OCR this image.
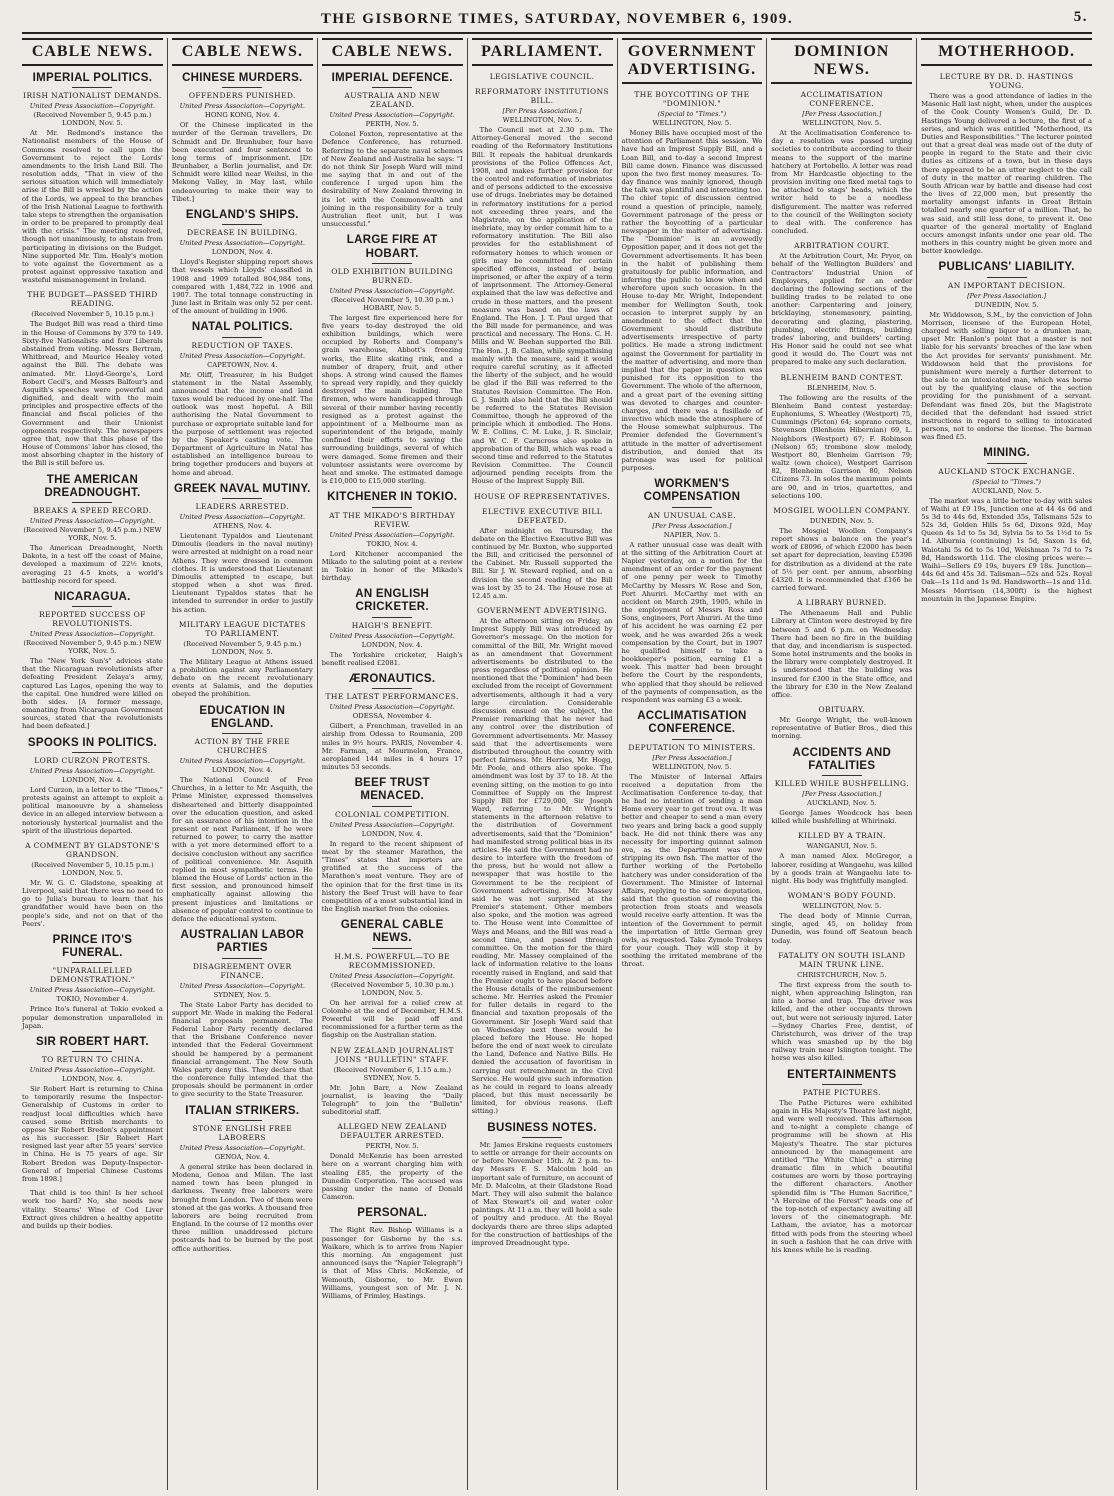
THE GISBORNE TIMES, SATURDAY, NOVEMBER 6, 1909.	5.
CABLE NEWS.
IMPERIAL POLITICS.
IRISH NATIONALIST DEMANDS.
United Press Association—Copyright.
(Received November 5, 9.45 p.m.) LONDON, Nov. 5.
At Mr. Redmond's instance the Nationalist members of the House of Commons resolved to call upon the Government to reject the Lords' amendments to the Irish Land Bill. The resolution adds, "That in view of the serious situation which will immediately arise if the Bill is wrecked by the action of the Lords, we appeal to the branches of the Irish National League to forthwith take steps to strengthen the organisation in order to be prepared to promptly deal with the crisis." The meeting resolved, though not unanimously, to abstain from participating in divisions on the Budget. Nine supported Mr. Tim. Healy's motion to vote against the Government as a protest against oppressive taxation and wasteful mismanagement in Ireland.
THE BUDGET—PASSED THIRD READING.
(Received November 5, 10.15 p.m.)
The Budget Bill was read a third time in the House of Commons by 379 to 149. Sixty-five Nationalists and four Liberals abstained from voting. Messrs Bertram, Whitbread, and Maurice Healey voted against the Bill. The debate was animated. Mr. Lloyd-George's, Lord Robert Cecil's, and Messrs Balfour's and Asquith's speeches were powerful and dignified, and dealt with the main principles and prospective effects of the financial and fiscal policies of the Government and their Unionist opponents respectively. The newspapers agree that, now that this phase of the House of Commons' labor has closed, the most absorbing chapter in the history of the Bill is still before us.
THE AMERICAN DREADNOUGHT.
BREAKS A SPEED RECORD.
United Press Association—Copyright.
(Received November 5, 9.45 p.m.) NEW YORK, Nov. 5.
The American Dreadnought, North Dakota, in a test off the coast of Maine, developed a maximum of 22½ knots, averaging 21 4-5 knots, a world's battleship record for speed.
NICARAGUA.
REPORTED SUCCESS OF REVOLUTIONISTS.
United Press Association—Copyright.
(Received November 5, 9.45 p.m.) NEW YORK, Nov. 5.
The "New York Sun's" advices state that the Nicaraguan revolutionists after defeating President Zelaya's army, captured Las Lagos, opening the way to the capital. One hundred were killed on both sides. [A former message, emanating from Nicaraguan Government sources, stated that the revolutionists had been defeated.]
SPOOKS IN POLITICS.
LORD CURZON PROTESTS.
United Press Association—Copyright.
LONDON, Nov. 4.
Lord Curzon, in a letter to the "Times," protests against an attempt to exploit a political manoeuvre by a shameless device in an alleged interview between a notoriously hysterical journalist and the spirit of the illustrious departed.
A COMMENT BY GLADSTONE'S GRANDSON.
(Received November 5, 10.15 p.m.) LONDON, Nov. 5.
Mr. W. G. C. Gladstone, speaking at Liverpool, said that there was no need to go to Julia's bureau to learn that his grandfather would have been on the people's side, and not on that of the Peers'.
PRINCE ITO'S FUNERAL.
"UNPARALLELLED DEMONSTRATION."
United Press Association—Copyright.
TOKIO, November 4.
Prince Ito's funeral at Tokio evoked a popular demonstration unparalleled in Japan.
SIR ROBERT HART.
TO RETURN TO CHINA.
United Press Association—Copyright.
LONDON, Nov. 4.
Sir Robert Hart is returning to China to temporarily resume the Inspector-Generalship of Customs in order to readjust local difficulties which have caused some British merchants to oppose Sir Robert Bredon's appointment as his successor. [Sir Robert Hart resigned last year after 55 years' service in China. He is 75 years of age. Sir Robert Bredon was Deputy-Inspector-General of Imperial Chinese Customs from 1898.]
That child is too thin! Is her school work too hard? No, she needs new vitality. Stearns' Wine of Cod Liver Extract gives children a healthy appetite and builds up their bodies.
CABLE NEWS.
CHINESE MURDERS.
OFFENDERS PUNISHED.
United Press Association—Copyright.
HONG KONG, Nov. 4.
Of the Chinese implicated in the murder of the German travellers, Dr. Schmidt and Dr. Brunhuber, four have been executed and four sentenced to long terms of imprisonment. [Dr. Brunhaber, a Berlin journalist, and Dr. Schmidt were killed near Weihsi, in the Mekong Valley, in May last, while endeavouring to make their way to Tibet.]
ENGLAND'S SHIPS.
DECREASE IN BUILDING.
United Press Association—Copyright.
LONDON, Nov. 4.
Lloyd's Register shipping report shows that vessels which Lloyds' classified in 1908 and 1909 totalled 804,984 tons, compared with 1,484,722 in 1906 and 1907. The total tonnage constructing in June last in Britain was only 52 per cent. of the amount of building in 1906.
NATAL POLITICS.
REDUCTION OF TAXES.
United Press Association—Copyright.
CAPETOWN, Nov. 4.
Mr. Oliff, Treasurer, in his Budget statement in the Natal Assembly, announced that the income and land taxes would be reduced by one-half. The outlook was most hopeful. A Bill authorising the Natal Government to purchase or expropriate suitable land for the purpose of settlement was rejected by the Speaker's casting vote. The Department of Agriculture in Natal has established an intelligence bureau to bring together producers and buyers at home and abroad.
GREEK NAVAL MUTINY.
LEADERS ARRESTED.
United Press Association—Copyright.
ATHENS, Nov. 4.
Lieutenant Typaldos and Lieutenant Dimoulis (leaders in the naval mutiny) were arrested at midnight on a road near Athens. They were dressed in common clothes. It is understood that Lieutenant Dimoulis attempted to escape, but stopped when a shot was fired. Lieutenant Typaldos states that he intended to surrender in order to justify his action.
MILITARY LEAGUE DICTATES TO PARLIAMENT.
(Received November 5, 9.45 p.m.) LONDON, Nov. 5.
The Military League at Athens issued a prohibition against any Parliamentary debate on the recent revolutionary events at Salamis, and the deputies obeyed the prohibition.
EDUCATION IN ENGLAND.
ACTION BY THE FREE CHURCHES
United Press Association—Copyright.
LONDON, Nov. 4.
The National Council of Free Churches, in a letter to Mr. Asquith, the Prime Minister, expressed themselves disheartened and bitterly disappointed over the education question, and asked for an assurance of his intention in the present or next Parliament, if he were returned to power, to carry the matter with a yet more determined effort to a decisive conclusion without any sacrifice of political convenience. Mr. Asquith replied in most sympathetic terms. He blamed the House of Lords' action in the first session, and pronounced himself emphatically against allowing the present injustices and limitations or absence of popular control to continue to deface the educational system.
AUSTRALIAN LABOR PARTIES
DISAGREEMENT OVER FINANCE.
United Press Association—Copyright.
SYDNEY, Nov. 5.
The State Labor Party has decided to support Mr. Wade in making the Federal financial proposals permanent. The Federal Labor Party recently declared that the Brisbane Conference never intended that the Federal Government should be hampered by a permanent financial arrangement. The New South Wales party deny this. They declare that the conference fully intended that the proposals should be permanent in order to give security to the State Treasurer.
ITALIAN STRIKERS.
STONE ENGLISH FREE LABORERS
United Press Association—Copyright.
GENOA, Nov. 4.
A general strike has been declared in Modena, Genoa and Milan. The last named town has been plunged in darkness. Twenty free laborers were brought from London. Two of them were stoned at the gas works. A thousand free laborers are being recruited from England. In the course of 12 months over three million unaddressed picture postcards had to be burned by the post office authorities.
CABLE NEWS.
IMPERIAL DEFENCE.
AUSTRALIA AND NEW ZEALAND.
United Press Association—Copyright.
PERTH, Nov. 5.
Colonel Foxton, representative at the Defence Conference, has returned. Referring to the separate naval schemes of New Zealand and Australia he says: "I do not think Sir Joseph Ward will mind me saying that in and out of the conference I urged upon him the desirability of New Zealand throwing in its lot with the Commonwealth and joining in the responsibility for a truly Australian fleet unit, but I was unsuccessful."
LARGE FIRE AT HOBART.
OLD EXHIBITION BUILDING BURNED.
United Press Association—Copyright.
(Received November 5, 10.30 p.m.) HOBART, Nov. 5.
The largest fire experienced here for five years to-day destroyed the old exhibition buildings, which were occupied by Roberts and Company's grain warehouse, Abbott's freezing works, the Elite skating rink, and a number of drapery, fruit, and other shops. A strong wind caused the flames to spread very rapidly, and they quickly destroyed the main building. The firemen, who were handicapped through several of their number having recently resigned as a protest against the appointment of a Melbourne man as superintendent of the brigade, mainly confined their efforts to saving the surrounding buildings, several of which were damaged. Some firemen and their volunteer assistants were overcome by heat and smoke. The estimated damage is £10,000 to £15,000 sterling.
KITCHENER IN TOKIO.
AT THE MIKADO'S BIRTHDAY REVIEW.
United Press Association—Copyright.
TOKIO, Nov. 4.
Lord Kitchener accompanied the Mikado to the saluting point at a review in Tokio in honor of the Mikado's birthday.
AN ENGLISH CRICKETER.
HAIGH'S BENEFIT.
United Press Association—Copyright.
LONDON, Nov. 4.
The Yorkshire cricketer, Haigh's benefit realised £2081.
ÆRONAUTICS.
THE LATEST PERFORMANCES.
United Press Association—Copyright.
ODESSA, November 4.
Gilbert, a Frenchman, travelled in an airship from Odessa to Roumania, 200 miles in 9½ hours. PARIS, November 4. Mr. Farman, at Mourmelon, France, aeroplaned 144 miles in 4 hours 17 minutes 53 seconds.
BEEF TRUST MENACED.
COLONIAL COMPETITION.
United Press Association—Copyright.
LONDON, Nov. 4.
In regard to the recent shipment of meat by the steamer Marathon, the "Times" states that importers are gratified at the success of the Marathon's meat venture. They are of the opinion that for the first time in its history the Beef Trust will have to fear competition of a most substantial kind in the English market from the colonies.
GENERAL CABLE NEWS.
H.M.S. POWERFUL—TO BE RECOMMISSIONED.
United Press Association—Copyright.
(Received November 5, 10.30 p.m.) LONDON, Nov. 5.
On her arrival for a relief crew at Colombo at the end of December, H.M.S. Powerful will be paid off and recommissioned for a further term as the flagship on the Australian station.
NEW ZEALAND JOURNALIST JOINS "BULLETIN" STAFF.
(Received November 6, 1.15 a.m.) SYDNEY, Nov. 5.
Mr. John Barr, a New Zealand journalist, is leaving the "Daily Telegraph" to join the "Bulletin" subeditorial staff.
ALLEGED NEW ZEALAND DEFAULTER ARRESTED.
PERTH, Nov. 5.
Donald McKenzie has been arrested here on a warrant charging him with stealing £85, the property of the Dunedin Corporation. The accused was passing under the name of Donald Cameron.
PERSONAL.
The Right Rev. Bishop Williams is a passenger for Gisborne by the s.s. Waikare, which is to arrive from Napier this morning. An engagement just announced (says the "Napier Telegraph") is that of Miss Chris. McKenzie, of Wemouth, Gisborne, to Mr. Ewen Williams, youngest son of Mr. J. N. Williams, of Frimley, Hastings.
PARLIAMENT.
LEGISLATIVE COUNCIL.
REFORMATORY INSTITUTIONS BILL.
[Per Press Association.]
WELLINGTON, Nov. 5.
The Council met at 2.30 p.m. The Attorney-General moved the second reading of the Reformatory Institutions Bill. It repeals the habitual drunkards provisions of the Police Offences Act, 1908, and makes further provision for the control and reformation of inebriates and of persons addicted to the excessive use of drugs. Inebriates may be detained in reformatory institutions for a period not exceeding three years, and the Magistrate, on the application of the inebriate, may by order commit him to a reformatory institution. The Bill also provides for the establishment of reformatory homes to which women or girls may be committed for certain specified offences, instead of being imprisoned, or after the expiry of a term of imprisonment. The Attorney-General explained that the law was defective and crude in these matters, and the present measure was based on the laws of England. The Hon. J. T. Paul urged that the Bill made for permanence, and was practical and necessary. The Hons. C. H. Mills and W. Beehan supported the Bill. The Hon. J. B. Callan, while sympathising mainly with the measure, said it would require careful scrutiny, as it affected the liberty of the subject, and he would be glad if the Bill was referred to the Statutes Revision Committee. The Hon. G. J. Smith also held that the Bill should be referred to the Statutes Revision Committee, though he approved of the principle which it embodied. The Hons. W. E. Collins, C. M. Luke, J. R. Sinclair, and W. C. F. Carncross also spoke in approbation of the Bill, which was read a second time and referred to the Statutes Revision Committee. The Council adjourned pending receipts from the House of the Imprest Supply Bill.
HOUSE OF REPRESENTATIVES.
ELECTIVE EXECUTIVE BILL DEFEATED.
After midnight on Thursday, the debate on the Elective Executive Bill was continued by Mr. Buxton, who supported the Bill, and criticised the personnel of the Cabinet. Mr. Russell supported the Bill. Sir J. W. Steward replied, and on a division the second reading of the Bill was lost by 35 to 24. The House rose at 12.45 a.m.
GOVERNMENT ADVERTISING.
At the afternoon sitting on Friday, an Imprest Supply Bill was introduced by Governor's message. On the motion for committal of the Bill, Mr. Wright moved as an amendment that Government advertisements be distributed to the press regardless of political opinion. He mentioned that the "Dominion" had been excluded from the receipt of Government advertisements, although it had a very large circulation. Considerable discussion ensued on the subject, the Premier remarking that he never had any control over the distribution of Government advertisements. Mr. Massey said that the advertisements were distributed throughout the country with perfect fairness. Mr. Herries, Mr. Hogg, Mr. Poole, and others also spoke. The amendment was lost by 37 to 18. At the evening sitting, on the motion to go into Committee of Supply on the Imprest Supply Bill for £729,000, Sir Joseph Ward, referring to Mr. Wright's statements in the afternoon relative to the distribution of Government advertisements, said that the "Dominion" had manifested strong political bias in its articles. He said the Government had no desire to interfere with the freedom of the press, but he would not allow a newspaper that was hostile to the Government to be the recipient of Government advertising. Mr. Massey said he was not surprised at the Premier's statement. Other members also spoke, and the motion was agreed to. The House went into Committee of Ways and Means, and the Bill was read a second time, and passed through committee. On the motion for the third reading, Mr. Massey complained of the lack of information relative to the loans recently raised in England, and said that the Premier ought to have placed before the House details of the reimbursement scheme. Mr. Herries asked the Premier for fuller details in regard to the financial and taxation proposals of the Government. Sir Joseph Ward said that on Wednesday next these would be placed before the House. He hoped before the end of next week to circulate the Land, Defence and Native Bills. He denied the accusation of favoritism in carrying out retrenchment in the Civil Service. He would give such information as he could in regard to loans already placed, but this must necessarily be limited, for obvious reasons. (Left sitting.)
BUSINESS NOTES.
Mr. James Erskine requests customers to settle or arrange for their accounts on or before November 15th. At 2 p.m. to-day Messrs F. S. Malcolm hold an important sale of furniture, on account of Mr. D. Malcolm, at their Gladstone Road Mart. They will also submit the balance of Max Stewart's oil and water color paintings. At 11 a.m. they will hold a sale of poultry and produce. At the Royal dockyards there are three slips adapted for the construction of battleships of the improved Dreadnought type.
GOVERNMENT ADVERTISING.
THE BOYCOTTING OF THE "DOMINION."
(Special to "Times.")
WELLINGTON, Nov. 5.
Money Bills have occupied most of the attention of Parliament this session. We have had an Imprest Supply Bill, and a Loan Bill, and to-day a second Imprest Bill came down. Finance was discussed upon the two first money measures. To-day finance was mainly ignored, though the talk was plentiful and interesting too. The chief topic of discussion centred round a question of principle, namely, Government patronage of the press or rather the boycotting of a particular newspaper in the matter of advertising. The "Dominion" is an avowedly Opposition paper, and it does not get the Government advertisements. It has been in the habit of publishing them gratuitously for public information, and inferring the public to know when and wherefore upon such occasion. In the House to-day Mr. Wright, Independent member for Wellington South, took occasion to interpret supply by an amendment to the effect that the Government should distribute advertisements irrespective of party politics. He made a strong indictment against the Government for partiality in the matter of advertising, and more than implied that the paper in question was punished for its opposition to the Government. The whole of the afternoon, and a great part of the evening sitting was devoted to charges and counter-charges, and there was a fusillade of invective which made the atmosphere of the House somewhat sulphurous. The Premier defended the Government's attitude in the matter of advertisement distribution, and denied that its patronage was used for political purposes.
WORKMEN'S COMPENSATION
AN UNUSUAL CASE.
[Per Press Association.]
NAPIER, Nov. 5.
A rather unusual case was dealt with at the sitting of the Arbitration Court at Napier yesterday, on a motion for the amendment of an order for the payment of one penny per week to Timothy McCarthy by Messrs W. Rose and Son, Port Ahuriri. McCarthy met with an accident on March 29th, 1905, while in the employment of Messrs Ross and Sons, engineers, Port Ahuriri. At the time of his accident he was earning £2 per week, and he was awarded 26s a week compensation by the Court, but in 1907 he qualified himself to take a bookkeeper's position, earning £1 a week. This matter had been brought before the Court by the respondents, who applied that they should be relieved of the payments of compensation, as the respondent was earning £3 a week.
ACCLIMATISATION CONFERENCE.
DEPUTATION TO MINISTERS.
[Per Press Association.]
WELLINGTON, Nov. 5.
The Minister of Internal Affairs received a deputation from the Acclimatisation Conference to-day, that he had no intention of sending a man Home every year to get trout ova. It was better and cheaper to send a man every two years and bring back a good supply back. He did not think there was any necessity for importing quinnat salmon ova, as the Department was now stripping its own fish. The matter of the further working of the Portobello hatchery was under consideration of the Government. The Minister of Internal Affairs, replying to the same deputation, said that the question of removing the protection from stoats and weasels would receive early attention. It was the intention of the Government to permit the importation of little German grey owls, as requested. Take Zymole Trokeys for your cough. They will stop it by soothing the irritated membrane of the throat.
DOMINION NEWS.
ACCLIMATISATION CONFERENCE.
[Per Press Association.]
WELLINGTON, Nov. 5.
At the Acclimatisation Conference to-day a resolution was passed urging societies to contribute according to their means to the support of the marine hatchery at Portobello. A letter was read from Mr Hardcastle objecting to the provision inviting one fixed metal tags to be attached to stags' heads, which the writer held to be a needless disfigurement. The matter was referred to the council of the Wellington society to deal with. The conference has concluded.
ARBITRATION COURT.
At the Arbitration Court, Mr. Pryor, on behalf of the Wellington Builders' and Contractors' Industrial Union of Employers, applied for an order declaring the following sections of the building trades to be related to one another: Carpentering and joinery, bricklaying, stonemasonry, painting, decorating and glazing, plastering, plumbing, electric fittings, building trades' laboring, and builders' carting. His Honor said he could not see what good it would do. The Court was not prepared to make any such declaration.
BLENHEIM BAND CONTEST.
BLENHEIM, Nov. 5.
The following are the results of the Blenheim Band contest yesterday: Euphoniums, S. Wheatley (Westport) 75, Cummings (Picton) 64; soprano cornets, Stevenson (Blenheim Hibernian) 69, L. Neighbors (Westport) 67; F. Robinson (Nelson) 65; trombone slow melody, Westport 80, Blenheim Garrison 79; waltz (own choice), Westport Garrison 82, Blenheim Garrison 80, Nelson Citizens 73. In solos the maximum points are 90, and in trios, quartettes, and selections 100.
MOSGIEL WOOLLEN COMPANY.
DUNEDIN, Nov. 5.
The Mosgiel Woollen Company's report shows a balance on the year's work of £8096, of which £2000 has been set apart for depreciation, leaving £5396 for distribution as a dividend at the rate of 5½ per cent. per annum, absorbing £4320. It is recommended that £166 be carried forward.
A LIBRARY BURNED.
The Athenaeum Hall and Public Library at Clinton were destroyed by fire between 5 and 6 p.m. on Wednesday. There had been no fire in the building that day, and incendiarism is suspected. Some hotel instruments and the books in the library were completely destroyed. It is understood that the building was insured for £300 in the State office, and the library for £30 in the New Zealand office.
OBITUARY.
Mr. George Wright, the well-known representative of Butler Bros., died this morning.
ACCIDENTS AND FATALITIES
KILLED WHILE BUSHFELLING.
[Per Press Association.]
AUCKLAND, Nov. 5.
George James Woodcock has been killed while bushfelling at Whirinaki.
KILLED BY A TRAIN.
WANGANUI, Nov. 5.
A man named Alex. McGregor, a laborer, residing at Wangaehu, was killed by a goods train at Wangaehu late to-night. His body was frightfully mangled.
WOMAN'S BODY FOUND.
WELLINGTON, Nov. 5.
The dead body of Minnie Curran, single, aged 45, on holiday from Dunedin, was found off Seatoun beach today.
FATALITY ON SOUTH ISLAND MAIN TRUNK LINE.
CHRISTCHURCH, Nov. 5.
The first express from the south to-night, when approaching Islington, ran into a horse and trap. The driver was killed, and the other occupants thrown out, but were not seriously injured. Later—Sydney Charles Free, dentist, of Christchurch, was driver of the trap which was smashed up by the big railway train near Islington tonight. The horse was also killed.
ENTERTAINMENTS
PATHE PICTURES.
The Pathe Pictures were exhibited again in His Majesty's Theatre last night, and were well received. This afternoon and to-night a complete change of programme will be shown at His Majesty's Theatre. The star pictures announced by the management are entitled "The White Chief," a stirring dramatic film in which beautiful costumes are worn by those portraying the different characters. Another splendid film is "The Human Sacrifice," "A Heroine of the Forest" heads one of the top-notch of expectancy awaiting all lovers of the cinematograph. Mr. Latham, the aviator, has a motorcar fitted with pods from the steering wheel in such a fashion that he can drive with his knees while he is reading.
MOTHERHOOD.
LECTURE BY DR. D. HASTINGS YOUNG.
There was a good attendance of ladies in the Masonic Hall last night, when, under the auspices of the Cook County Women's Guild, Dr. D. Hastings Young delivered a lecture, the first of a series, and which was entitled "Motherhood, its Duties and Responsibilities." The lecturer pointed out that a great deal was made out of the duty of people in regard to the State and their civic duties as citizens of a town, but in these days there appeared to be an utter neglect to the call of duty in the matter of rearing children. The South African war by battle and disease had cost the lives of 22,000 men, but presently the mortality amongst infants in Great Britain totalled nearly one quarter of a million. That, he was said, and still less done, to prevent it. One quarter of the general mortality of England occurs amongst infants under one year old. The mothers in this country might be given more and better knowledge.
PUBLICANS' LIABILITY.
AN IMPORTANT DECISION.
[Per Press Association.]
DUNEDIN, Nov. 5.
Mr. Widdowson, S.M., by the conviction of John Morrison, licensee of the European Hotel, charged with selling liquor to a drunken man, upset Mr. Hanlon's point that a master is not liable for his servants' breaches of the law when the Act provides for servants' punishment. Mr. Widdowson held that the provisions for punishment were merely a further deterrent to the sale to an intoxicated man, which was borne out by the qualifying clause of the section providing for the punishment of a servant. Defendant was fined 20s, but the Magistrate decided that the defendant had issued strict instructions in regard to selling to intoxicated persons, not to endorse the license. The barman was fined £5.
MINING.
AUCKLAND STOCK EXCHANGE.
(Special to "Times.")
AUCKLAND, Nov. 5.
The market was a little better to-day with sales of Waihi at £9 19s, Junction one at 44 4s 6d and 5s 3d to 44s 6d, Extended 35s, Talismans 52s to 52s 3d, Golden Hills 5s 6d, Dixons 92d, May Queen 4s 1d to 5s 3d, Sylvia 5s to 5s 1½d to 5s 1d. Alburnia (continuing) 1s 5d, Saxon 1s 6d, Waiotahi 5s 6d to 5s 10d, Welshman 7s 7d to 7s 8d, Handsworth 11d. The closing prices were:—Waihi—Sellers £9 19s, buyers £9 18s. Junction—44s 6d and 45s 3d. Talisman—52s and 52s. Royal Oak—1s 11d and 1s 9d. Handsworth—1s and 11d. Messrs Morrison (14,300ft) is the highest mountain in the Japanese Empire.
